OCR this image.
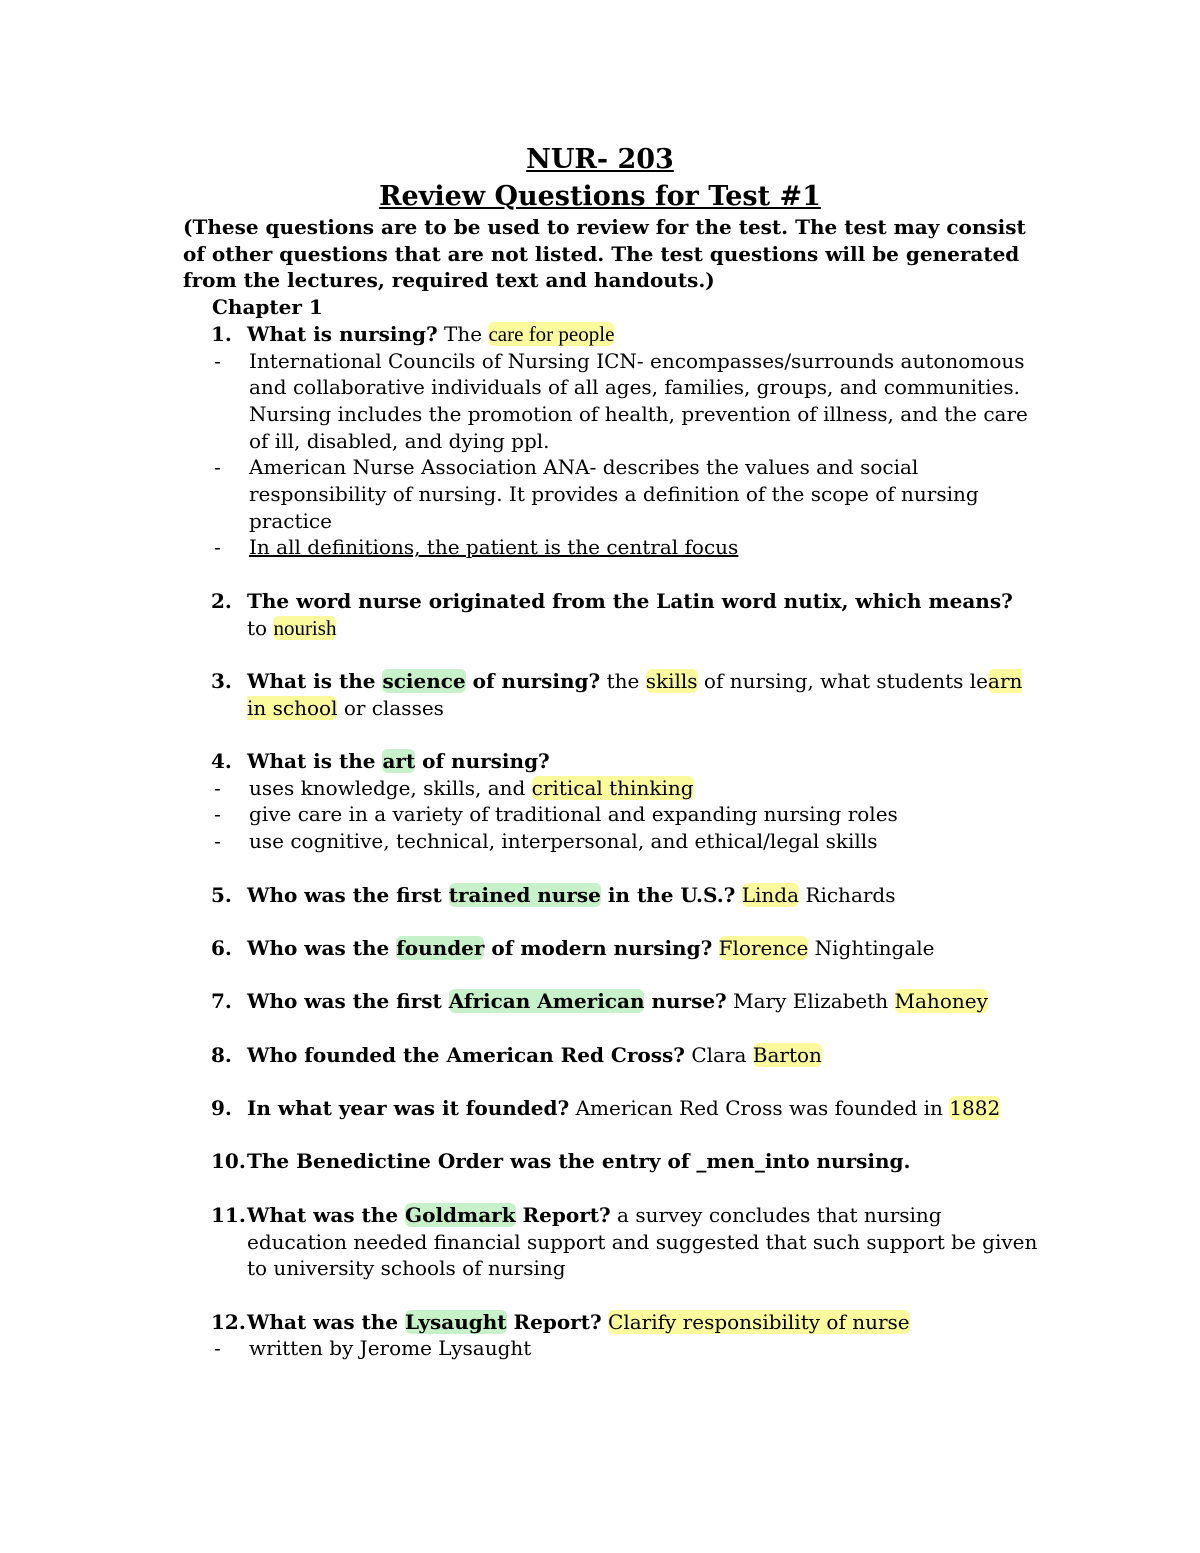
NUR- 203
Review Questions for Test #1
(These questions are to be used to review for the test. The test may consist of other questions that are not listed. The test questions will be generated from the lectures, required text and handouts.)
Chapter 1
1. What is nursing? The care for people
- International Councils of Nursing ICN- encompasses/surrounds autonomous and collaborative individuals of all ages, families, groups, and communities. Nursing includes the promotion of health, prevention of illness, and the care of ill, disabled, and dying ppl.
- American Nurse Association ANA- describes the values and social responsibility of nursing. It provides a definition of the scope of nursing practice
- In all definitions, the patient is the central focus
2. The word nurse originated from the Latin word nutix, which means? to nourish
3. What is the science of nursing? the skills of nursing, what students learn in school or classes
4. What is the art of nursing?
- uses knowledge, skills, and critical thinking
- give care in a variety of traditional and expanding nursing roles
- use cognitive, technical, interpersonal, and ethical/legal skills
5. Who was the first trained nurse in the U.S.? Linda Richards
6. Who was the founder of modern nursing? Florence Nightingale
7. Who was the first African American nurse? Mary Elizabeth Mahoney
8. Who founded the American Red Cross? Clara Barton
9. In what year was it founded? American Red Cross was founded in 1882
10. The Benedictine Order was the entry of _men_into nursing.
11. What was the Goldmark Report? a survey concludes that nursing education needed financial support and suggested that such support be given to university schools of nursing
12. What was the Lysaught Report? Clarify responsibility of nurse
- written by Jerome Lysaught
